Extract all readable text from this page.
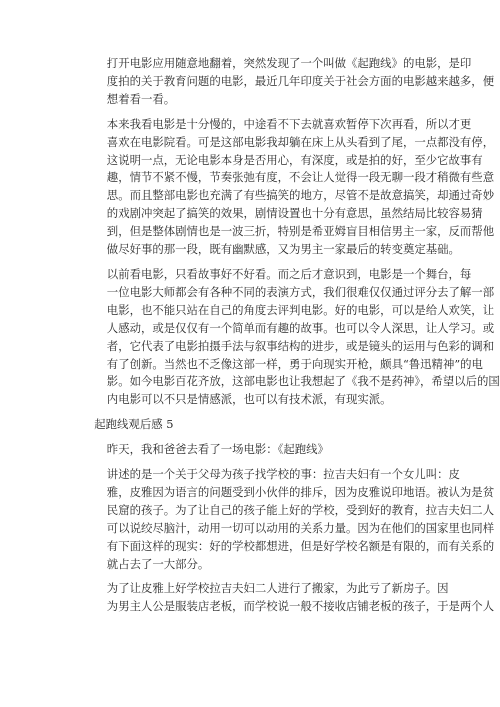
打开电影应用随意地翻着，突然发现了一个叫做《起跑线》的电影，是印
度拍的关于教育问题的电影，最近几年印度关于社会方面的电影越来越多，便
想着看一看。
本来我看电影是十分慢的，中途看不下去就喜欢暂停下次再看，所以才更
喜欢在电影院看。可是这部电影我却躺在床上从头看到了尾，一点都没有停，
这说明一点，无论电影本身是否用心，有深度，或是拍的好，至少它故事有
趣，情节不紧不慢，节奏张弛有度，不会让人觉得一段无聊一段才稍微有些意
思。而且整部电影也充满了有些搞笑的地方，尽管不是故意搞笑，却通过奇妙
的戏剧冲突起了搞笑的效果，剧情设置也十分有意思，虽然结局比较容易猜
到，但是整体剧情也是一波三折，特别是希亚姆盲目相信男主一家，反而帮他
做尽好事的那一段，既有幽默感，又为男主一家最后的转变奠定基础。
以前看电影，只看故事好不好看。而之后才意识到，电影是一个舞台，每
一位电影大师都会有各种不同的表演方式，我们很难仅仅通过评分去了解一部
电影，也不能只站在自己的角度去评判电影。好的电影，可以是给人欢笑，让
人感动，或是仅仅有一个简单而有趣的故事。也可以令人深思，让人学习。或
者，它代表了电影拍摄手法与叙事结构的进步，或是镜头的运用与色彩的调和
有了创新。当然也不乏像这部一样，勇于向现实开枪，颇具“鲁迅精神”的电
影。如今电影百花齐放，这部电影也让我想起了《我不是药神》，希望以后的国
内电影可以不只是情感派，也可以有技术派，有现实派。
起跑线观后感 5
昨天，我和爸爸去看了一场电影：《起跑线》
讲述的是一个关于父母为孩子找学校的事：拉吉夫妇有一个女儿叫：皮
雅，皮雅因为语言的问题受到小伙伴的排斥，因为皮雅说印地语。被认为是贫
民窟的孩子。为了让自己的孩子能上好的学校，受到好的教育，拉吉夫妇二人
可以说绞尽脑汁，动用一切可以动用的关系力量。因为在他们的国家里也同样
有下面这样的现实：好的学校都想进，但是好学校名额是有限的，而有关系的
就占去了一大部分。
为了让皮雅上好学校拉吉夫妇二人进行了搬家，为此亏了新房子。因
为男主人公是服装店老板，而学校说一般不接收店铺老板的孩子，于是两个人
